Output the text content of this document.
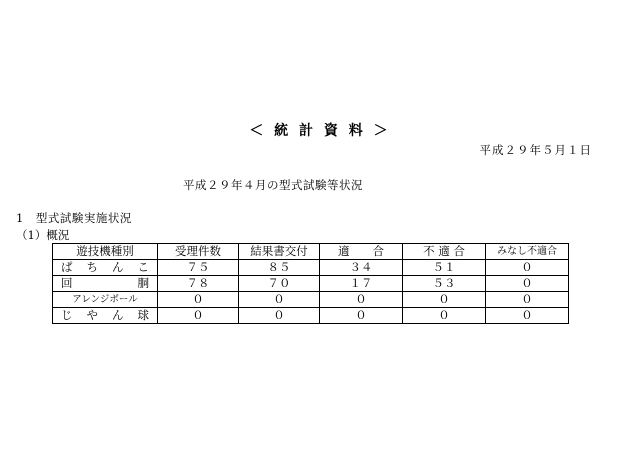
＜ 統 計 資 料 ＞
平成２９年５月１日
平成２９年４月の型式試験等状況
1　型式試験実施状況
（1）概況
遊技機種別	受理件数	結果書交付	適　　合	不 適 合	みなし不適合
ぱ ち ん こ	７５	８５	３４	５１	０
回　　　胴	７８	７０	１７	５３	０
アレンジボール	０	０	０	０	０
じ や ん 球	０	０	０	０	０
